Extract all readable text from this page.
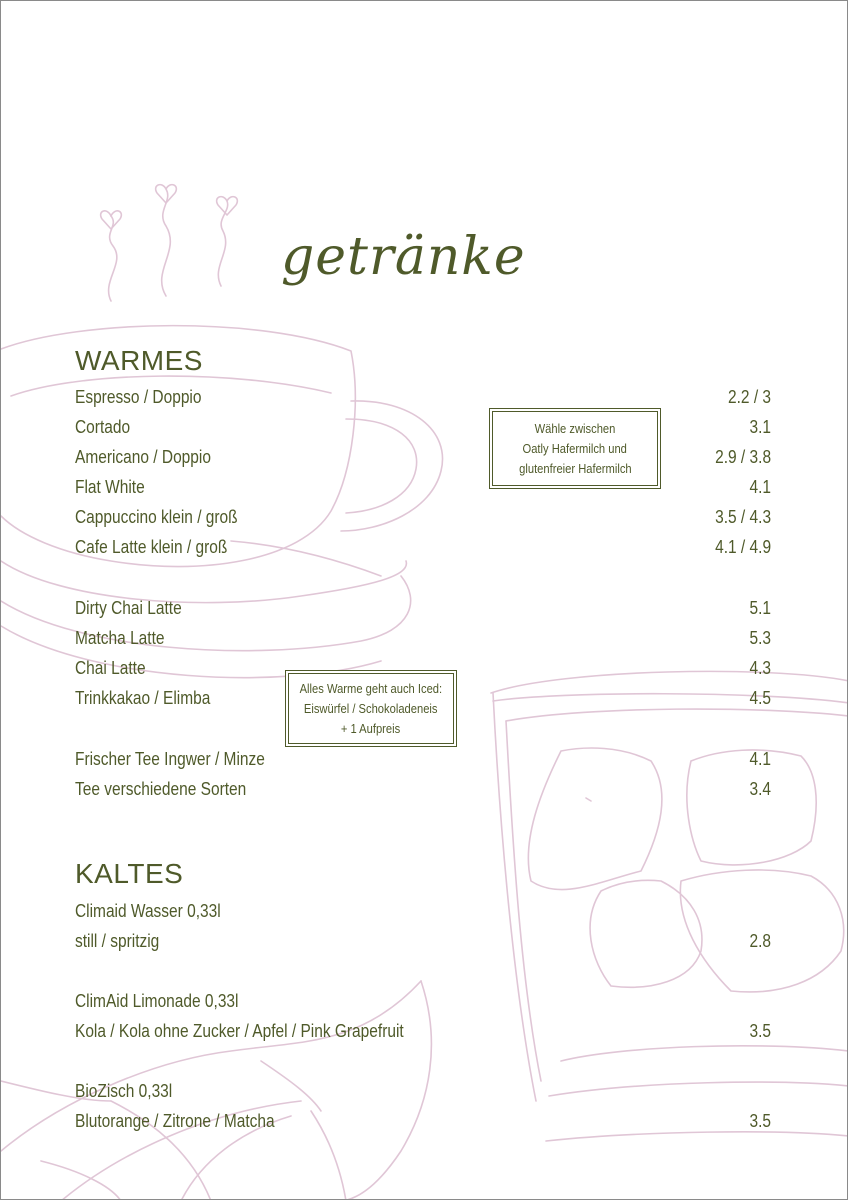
getränke
WARMES
Espresso / Doppio	2.2 / 3
Cortado	3.1
Americano / Doppio	2.9 / 3.8
Flat White	4.1
Cappuccino klein / groß	3.5 / 4.3
Cafe Latte klein / groß	4.1 / 4.9
Dirty Chai Latte	5.1
Matcha Latte	5.3
Chai Latte	4.3
Trinkkakao / Elimba	4.5
Frischer Tee Ingwer / Minze	4.1
Tee verschiedene Sorten	3.4
Wähle zwischen
Oatly Hafermilch und
glutenfreier Hafermilch
Alles Warme geht auch Iced:
Eiswürfel / Schokoladeneis
+ 1 Aufpreis
KALTES
Climaid Wasser 0,33l
still / spritzig	2.8
ClimAid Limonade 0,33l
Kola / Kola ohne Zucker / Apfel / Pink Grapefruit	3.5
BioZisch 0,33l
Blutorange / Zitrone / Matcha	3.5
